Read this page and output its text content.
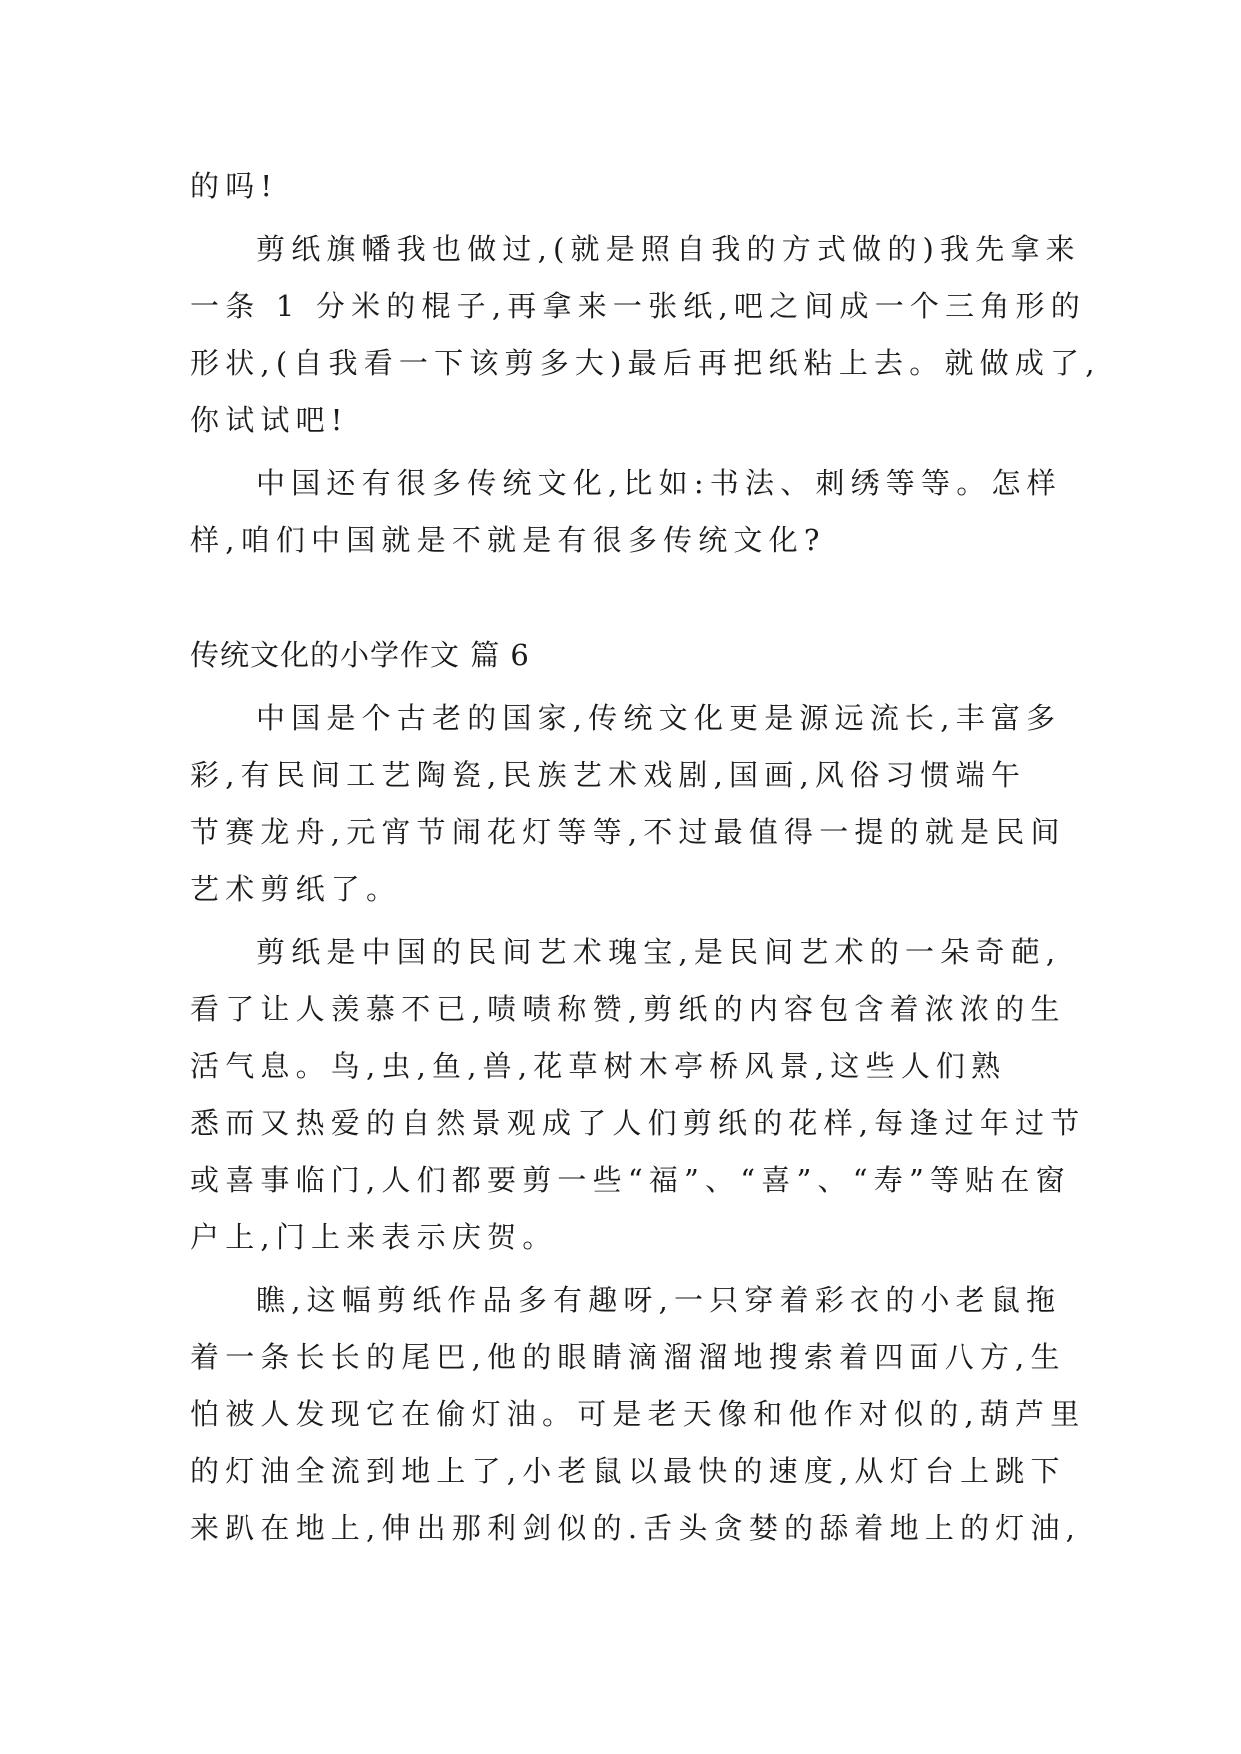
的吗!

剪纸旗幡我也做过,(就是照自我的方式做的)我先拿来

一条 1 分米的棍子,再拿来一张纸,吧之间成一个三角形的

形状,(自我看一下该剪多大)最后再把纸粘上去。就做成了,

你试试吧!

中国还有很多传统文化,比如:书法、刺绣等等。怎样

样,咱们中国就是不就是有很多传统文化?

传统文化的小学作文 篇 6

中国是个古老的国家,传统文化更是源远流长,丰富多

彩,有民间工艺陶瓷,民族艺术戏剧,国画,风俗习惯端午

节赛龙舟,元宵节闹花灯等等,不过最值得一提的就是民间

艺术剪纸了。

剪纸是中国的民间艺术瑰宝,是民间艺术的一朵奇葩,

看了让人羡慕不已,啧啧称赞,剪纸的内容包含着浓浓的生

活气息。鸟,虫,鱼,兽,花草树木亭桥风景,这些人们熟

悉而又热爱的自然景观成了人们剪纸的花样,每逢过年过节

或喜事临门,人们都要剪一些“福”、“喜”、“寿”等贴在窗

户上,门上来表示庆贺。

瞧,这幅剪纸作品多有趣呀,一只穿着彩衣的小老鼠拖

着一条长长的尾巴,他的眼睛滴溜溜地搜索着四面八方,生

怕被人发现它在偷灯油。可是老天像和他作对似的,葫芦里

的灯油全流到地上了,小老鼠以最快的速度,从灯台上跳下

来趴在地上,伸出那利剑似的.舌头贪婪的舔着地上的灯油,
